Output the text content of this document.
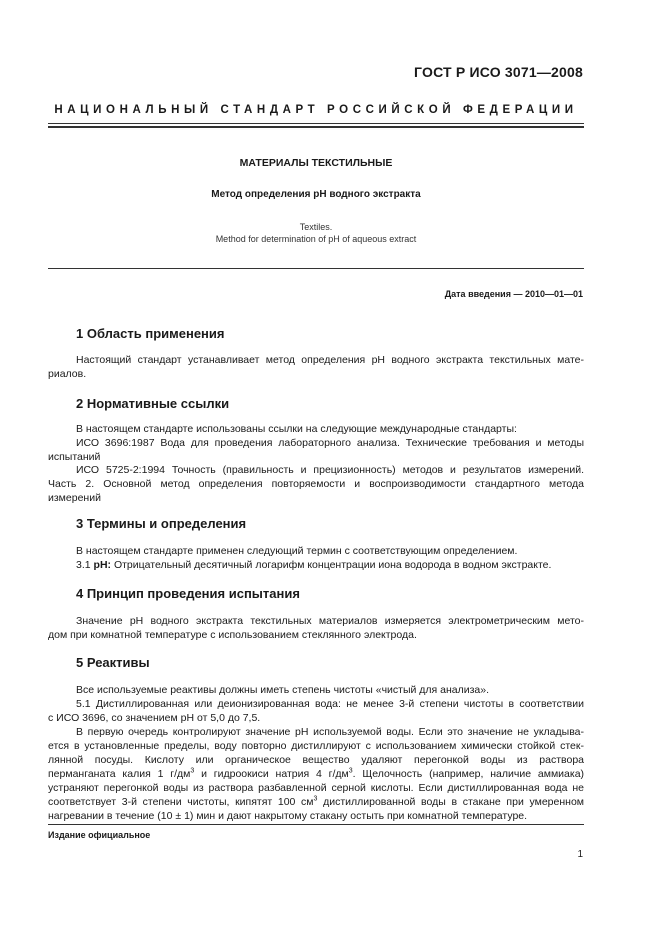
ГОСТ Р ИСО 3071—2008
НАЦИОНАЛЬНЫЙ СТАНДАРТ РОССИЙСКОЙ ФЕДЕРАЦИИ
МАТЕРИАЛЫ ТЕКСТИЛЬНЫЕ
Метод определения pH водного экстракта
Textiles.
Method for determination of pH of aqueous extract
Дата введения — 2010—01—01
1 Область применения
Настоящий стандарт устанавливает метод определения pH водного экстракта текстильных мате-
риалов.
2 Нормативные ссылки
В настоящем стандарте использованы ссылки на следующие международные стандарты:
ИСО 3696:1987 Вода для проведения лабораторного анализа. Технические требования и методы
испытаний
ИСО 5725-2:1994 Точность (правильность и прецизионность) методов и результатов измерений.
Часть 2. Основной метод определения повторяемости и воспроизводимости стандартного метода
измерений
3 Термины и определения
В настоящем стандарте применен следующий термин с соответствующим определением.
3.1 pH: Отрицательный десятичный логарифм концентрации иона водорода в водном экстракте.
4 Принцип проведения испытания
Значение pH водного экстракта текстильных материалов измеряется электрометрическим мето-
дом при комнатной температуре с использованием стеклянного электрода.
5 Реактивы
Все используемые реактивы должны иметь степень чистоты «чистый для анализа».
5.1 Дистиллированная или деионизированная вода: не менее 3-й степени чистоты в соответствии
с ИСО 3696, со значением pH от 5,0 до 7,5.
В первую очередь контролируют значение pH используемой воды. Если это значение не укладыва-
ется в установленные пределы, воду повторно дистиллируют с использованием химически стойкой стек-
лянной посуды. Кислоту или органическое вещество удаляют перегонкой воды из раствора
перманганата калия 1 $г/дм^3$ и гидроокиси натрия 4 $г/дм^3$. Щелочность (например, наличие аммиака)
устраняют перегонкой воды из раствора разбавленной серной кислоты. Если дистиллированная вода не
соответствует 3-й степени чистоты, кипятят 100 $см^3$ дистиллированной воды в стакане при умеренном
нагревании в течение (10 ± 1) мин и дают накрытому стакану остыть при комнатной температуре.
Издание официальное
1
